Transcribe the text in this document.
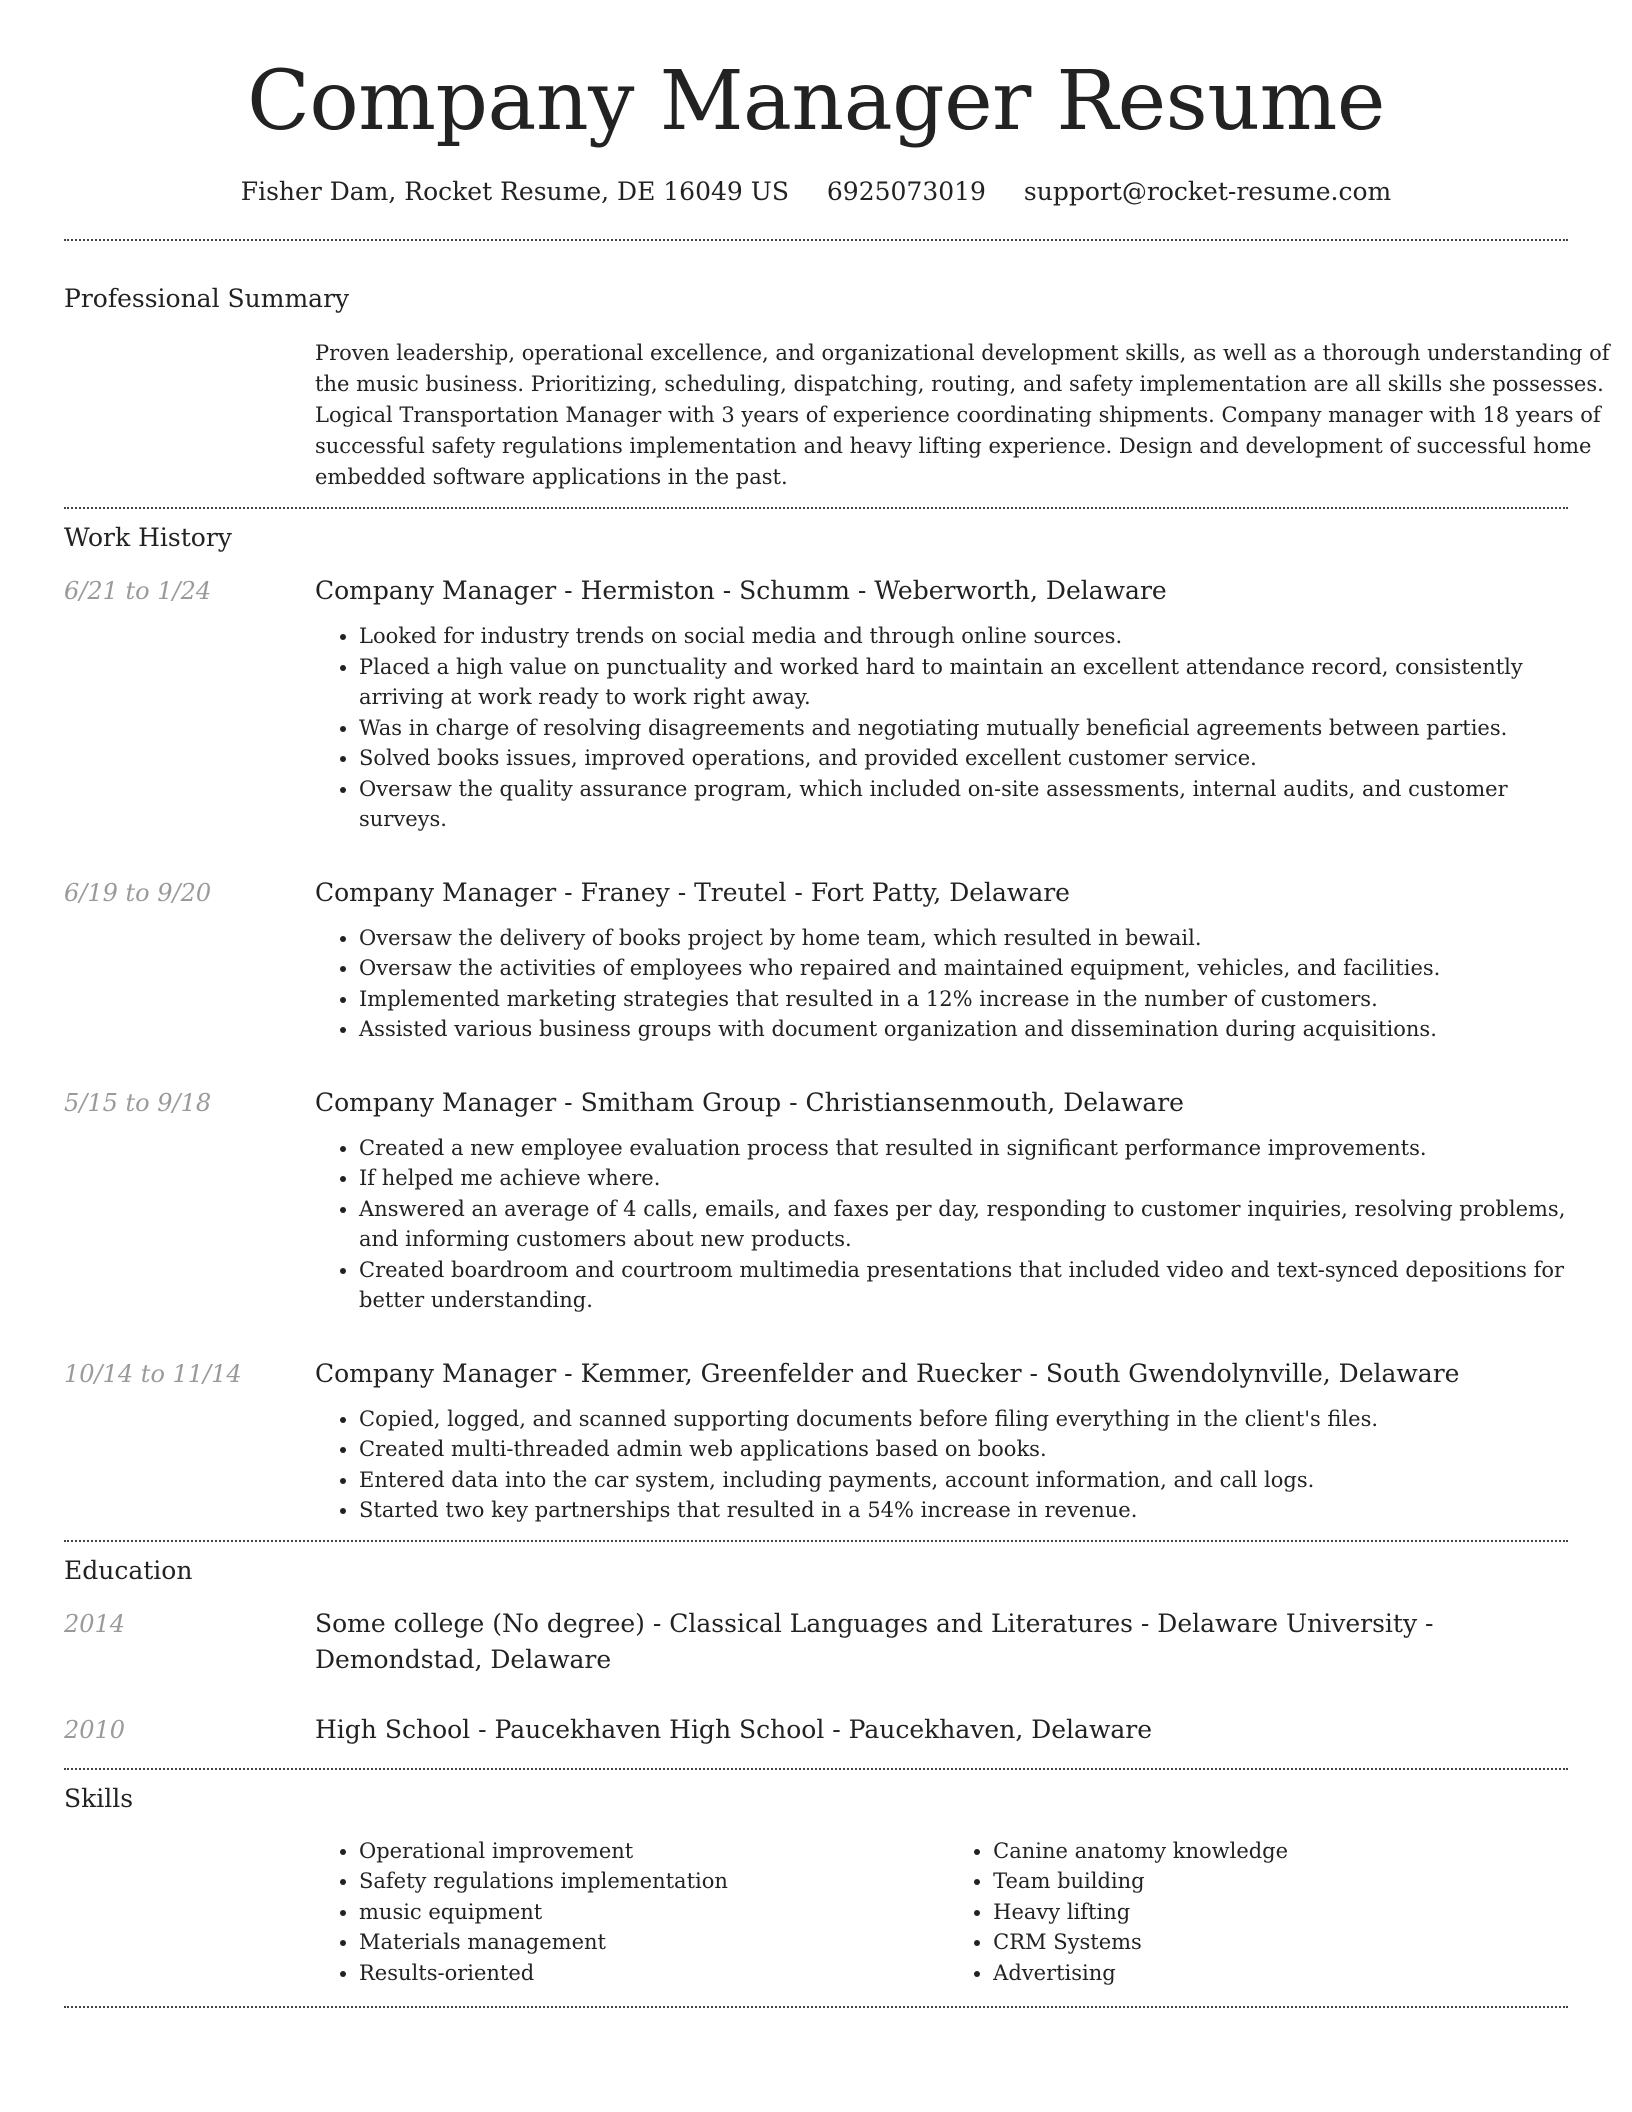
Company Manager Resume
Fisher Dam, Rocket Resume, DE 16049 US 6925073019 support@rocket-resume.com
Professional Summary
Proven leadership, operational excellence, and organizational development skills, as well as a thorough understanding of the music business. Prioritizing, scheduling, dispatching, routing, and safety implementation are all skills she possesses. Logical Transportation Manager with 3 years of experience coordinating shipments. Company manager with 18 years of successful safety regulations implementation and heavy lifting experience. Design and development of successful home embedded software applications in the past.
Work History
6/21 to 1/24	Company Manager - Hermiston - Schumm - Weberworth, Delaware
• Looked for industry trends on social media and through online sources.
• Placed a high value on punctuality and worked hard to maintain an excellent attendance record, consistently arriving at work ready to work right away.
• Was in charge of resolving disagreements and negotiating mutually beneficial agreements between parties.
• Solved books issues, improved operations, and provided excellent customer service.
• Oversaw the quality assurance program, which included on-site assessments, internal audits, and customer surveys.
6/19 to 9/20	Company Manager - Franey - Treutel - Fort Patty, Delaware
• Oversaw the delivery of books project by home team, which resulted in bewail.
• Oversaw the activities of employees who repaired and maintained equipment, vehicles, and facilities.
• Implemented marketing strategies that resulted in a 12% increase in the number of customers.
• Assisted various business groups with document organization and dissemination during acquisitions.
5/15 to 9/18	Company Manager - Smitham Group - Christiansenmouth, Delaware
• Created a new employee evaluation process that resulted in significant performance improvements.
• If helped me achieve where.
• Answered an average of 4 calls, emails, and faxes per day, responding to customer inquiries, resolving problems, and informing customers about new products.
• Created boardroom and courtroom multimedia presentations that included video and text-synced depositions for better understanding.
10/14 to 11/14	Company Manager - Kemmer, Greenfelder and Ruecker - South Gwendolynville, Delaware
• Copied, logged, and scanned supporting documents before filing everything in the client's files.
• Created multi-threaded admin web applications based on books.
• Entered data into the car system, including payments, account information, and call logs.
• Started two key partnerships that resulted in a 54% increase in revenue.
Education
2014	Some college (No degree) - Classical Languages and Literatures - Delaware University - Demondstad, Delaware
2010	High School - Paucekhaven High School - Paucekhaven, Delaware
Skills
• Operational improvement
• Safety regulations implementation
• music equipment
• Materials management
• Results-oriented
• Canine anatomy knowledge
• Team building
• Heavy lifting
• CRM Systems
• Advertising
